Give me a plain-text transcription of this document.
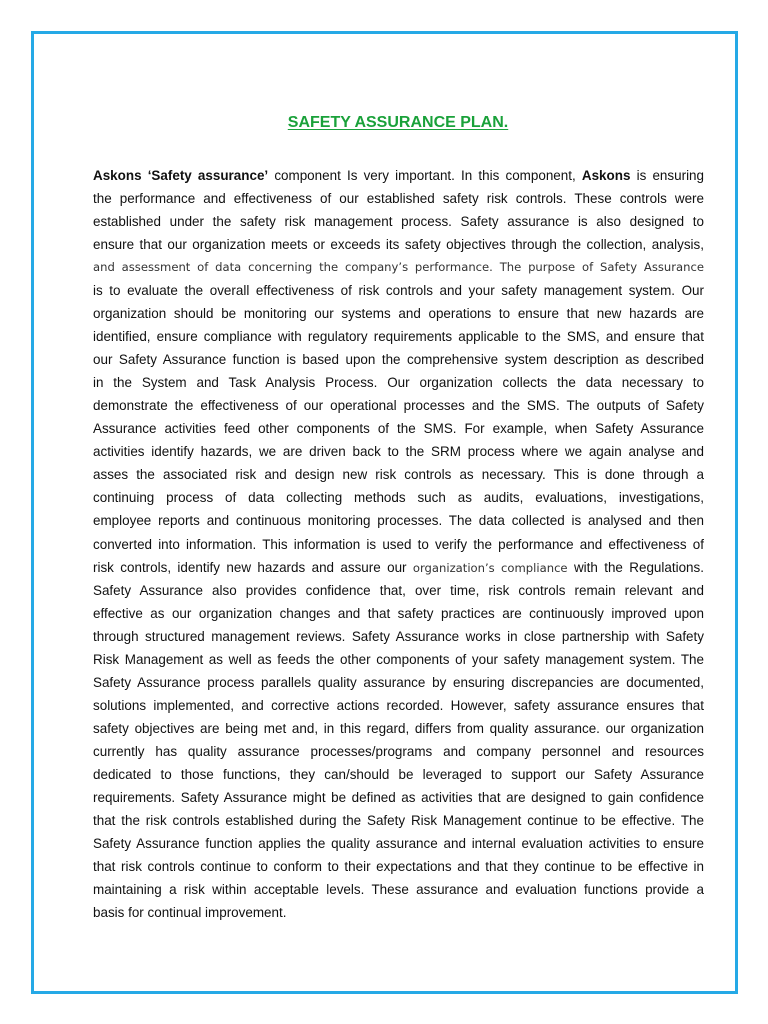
SAFETY ASSURANCE PLAN.
Askons ‘Safety assurance’ component Is very important. In this component, Askons is ensuring
the performance and effectiveness of our established safety risk controls. These controls were
established under the safety risk management process. Safety assurance is also designed to
ensure that our organization meets or exceeds its safety objectives through the collection, analysis,
and assessment of data concerning the company’s performance. The purpose of Safety Assurance
is to evaluate the overall effectiveness of risk controls and your safety management system. Our
organization should be monitoring our systems and operations to ensure that new hazards are
identified, ensure compliance with regulatory requirements applicable to the SMS, and ensure that
our Safety Assurance function is based upon the comprehensive system description as described
in the System and Task Analysis Process. Our organization collects the data necessary to
demonstrate the effectiveness of our operational processes and the SMS. The outputs of Safety
Assurance activities feed other components of the SMS. For example, when Safety Assurance
activities identify hazards, we are driven back to the SRM process where we again analyse and
asses the associated risk and design new risk controls as necessary. This is done through a
continuing process of data collecting methods such as audits, evaluations, investigations,
employee reports and continuous monitoring processes. The data collected is analysed and then
converted into information. This information is used to verify the performance and effectiveness of
risk controls, identify new hazards and assure our organization’s compliance with the Regulations.
Safety Assurance also provides confidence that, over time, risk controls remain relevant and
effective as our organization changes and that safety practices are continuously improved upon
through structured management reviews. Safety Assurance works in close partnership with Safety
Risk Management as well as feeds the other components of your safety management system. The
Safety Assurance process parallels quality assurance by ensuring discrepancies are documented,
solutions implemented, and corrective actions recorded. However, safety assurance ensures that
safety objectives are being met and, in this regard, differs from quality assurance. our organization
currently has quality assurance processes/programs and company personnel and resources
dedicated to those functions, they can/should be leveraged to support our Safety Assurance
requirements. Safety Assurance might be defined as activities that are designed to gain confidence
that the risk controls established during the Safety Risk Management continue to be effective. The
Safety Assurance function applies the quality assurance and internal evaluation activities to ensure
that risk controls continue to conform to their expectations and that they continue to be effective in
maintaining a risk within acceptable levels. These assurance and evaluation functions provide a
basis for continual improvement.
